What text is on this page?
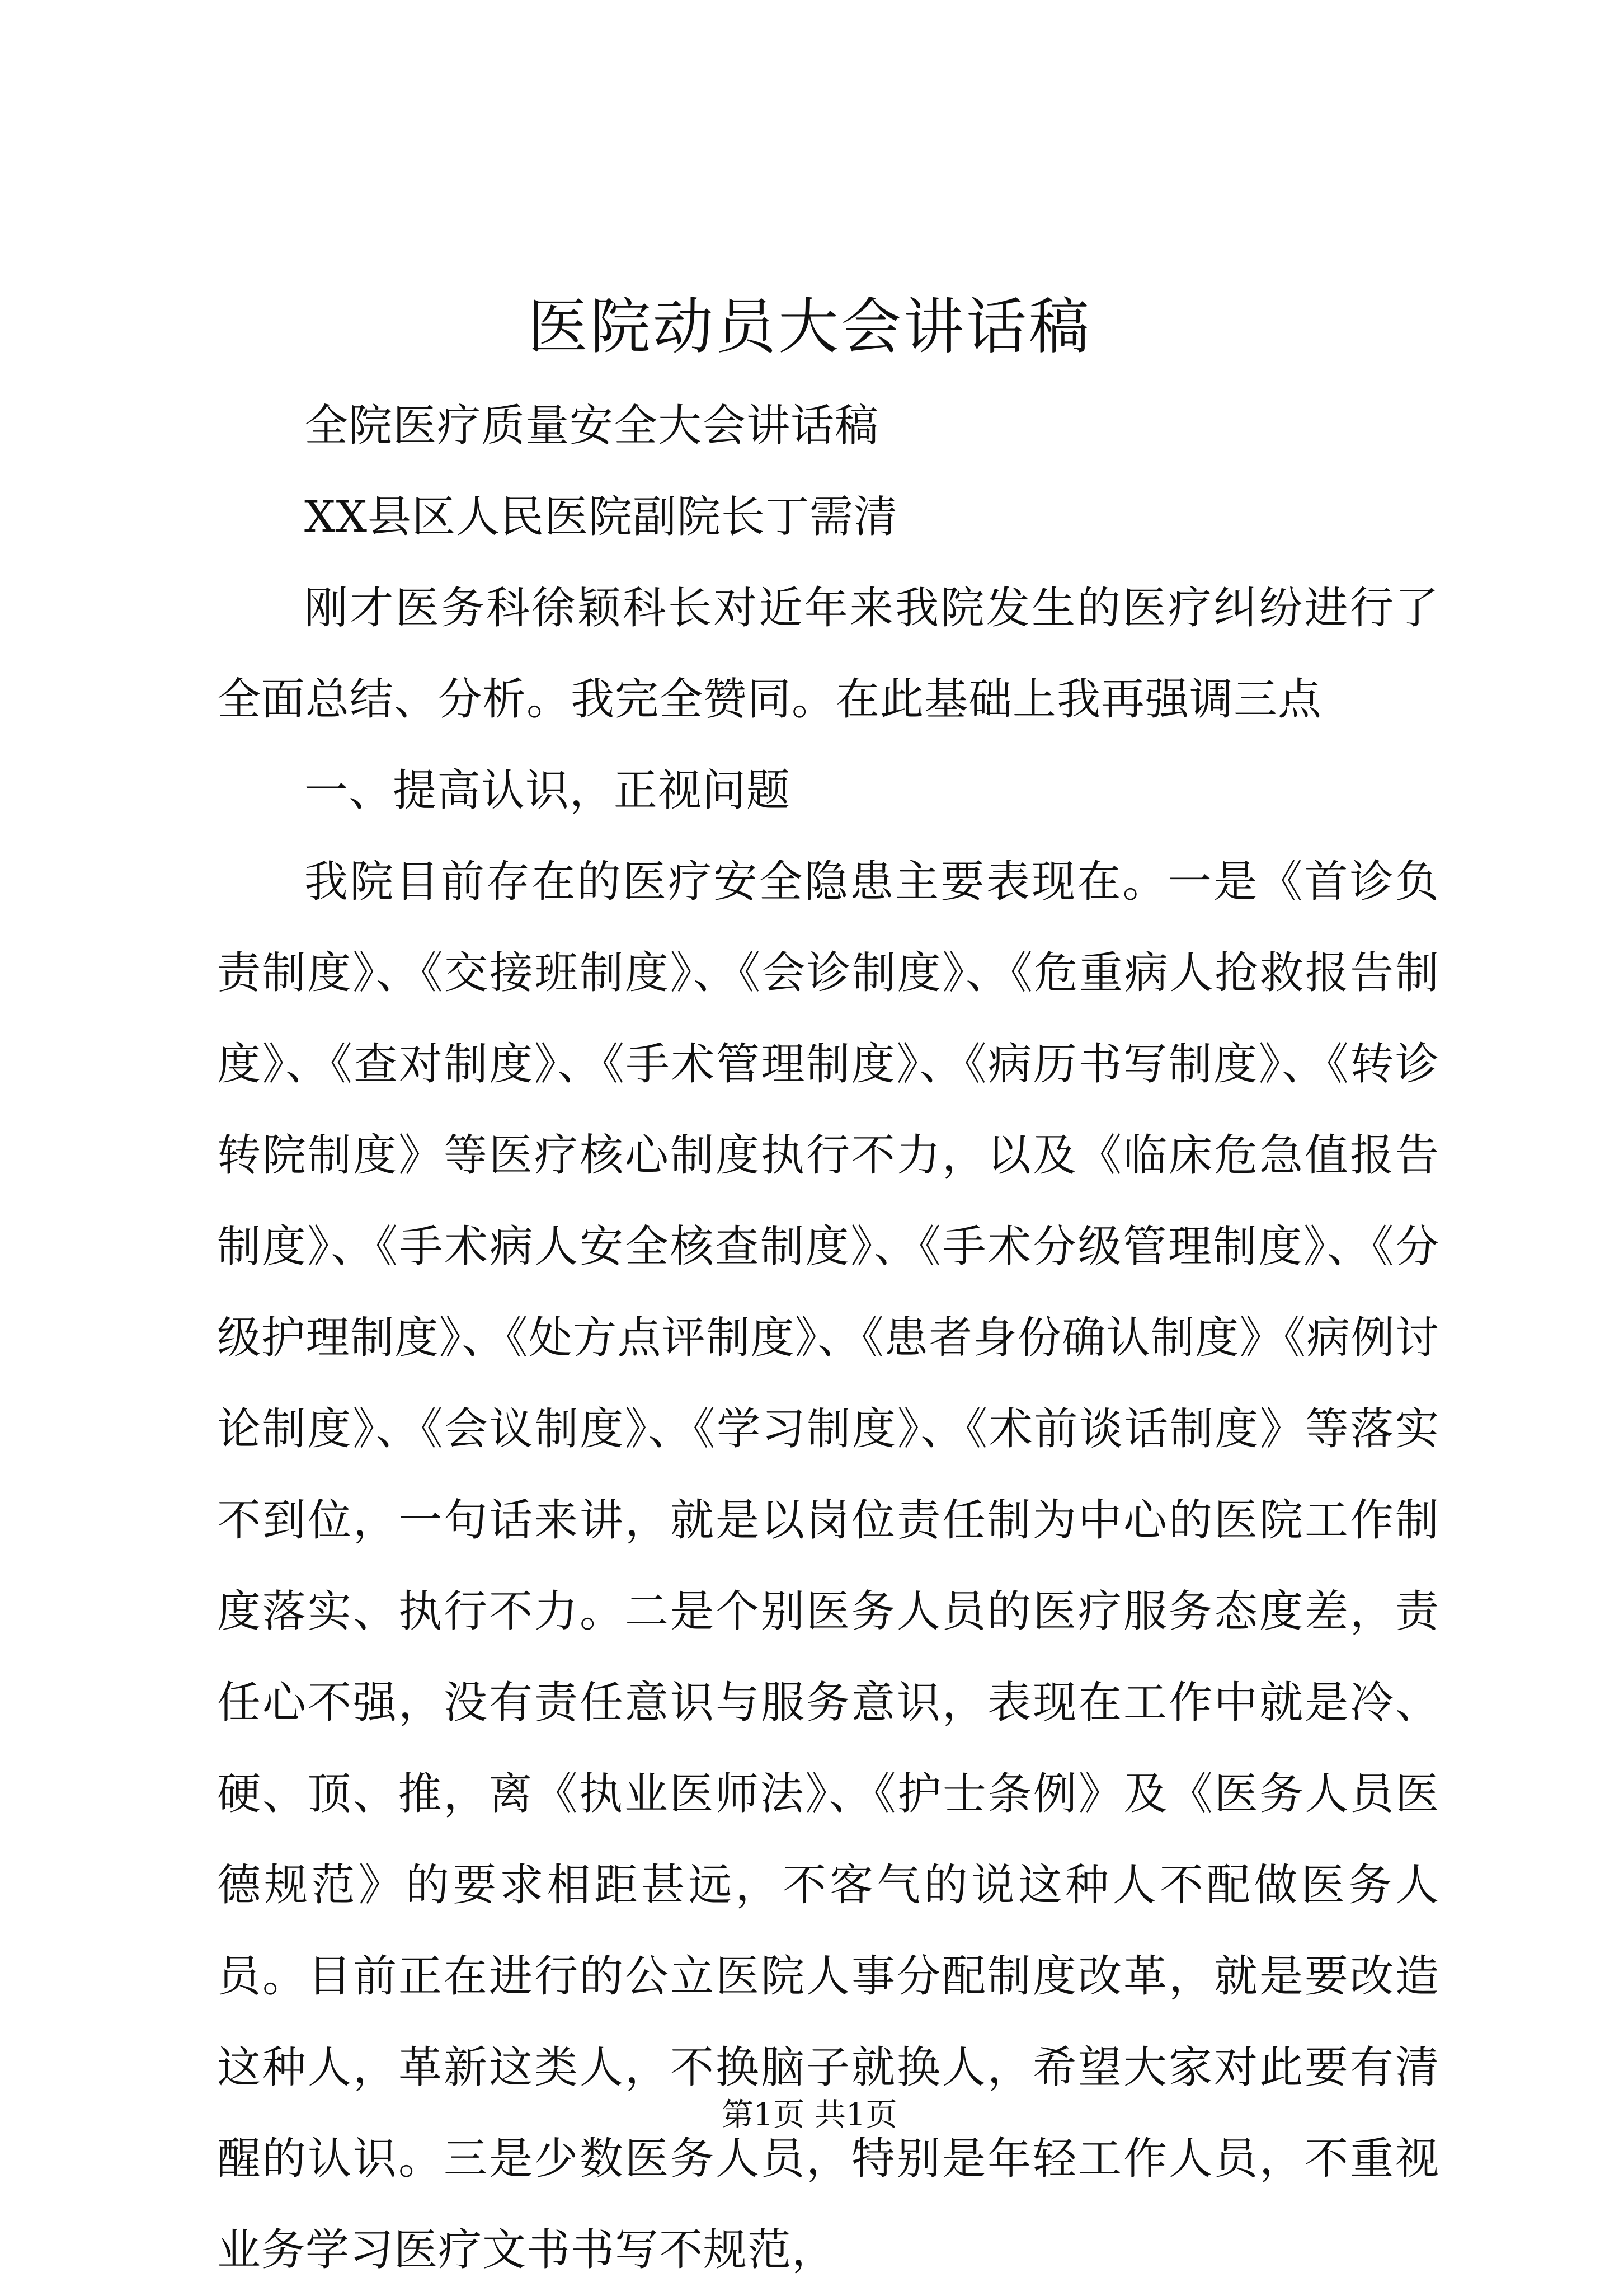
医院动员大会讲话稿

全院医疗质量安全大会讲话稿

XX县区人民医院副院长丁需清

刚才医务科徐颖科长对近年来我院发生的医疗纠纷进行了全面总结、分析。我完全赞同。在此基础上我再强调三点

一、提高认识，正视问题

我院目前存在的医疗安全隐患主要表现在。一是《首诊负责制度》、《交接班制度》、《会诊制度》、《危重病人抢救报告制度》、《查对制度》、《手术管理制度》、《病历书写制度》、《转诊转院制度》等医疗核心制度执行不力，以及《临床危急值报告制度》、《手术病人安全核查制度》、《手术分级管理制度》、《分级护理制度》、《处方点评制度》、《患者身份确认制度》《病例讨论制度》、《会议制度》、《学习制度》、《术前谈话制度》等落实不到位，一句话来讲，就是以岗位责任制为中心的医院工作制度落实、执行不力。二是个别医务人员的医疗服务态度差，责任心不强，没有责任意识与服务意识，表现在工作中就是冷、硬、顶、推，离《执业医师法》、《护士条例》及《医务人员医德规范》的要求相距甚远，不客气的说这种人不配做医务人员。目前正在进行的公立医院人事分配制度改革，就是要改造这种人，革新这类人，不换脑子就换人，希望大家对此要有清醒的认识。三是少数医务人员，特别是年轻工作人员，不重视业务学习医疗文书书写不规范，

第1页 共1页
